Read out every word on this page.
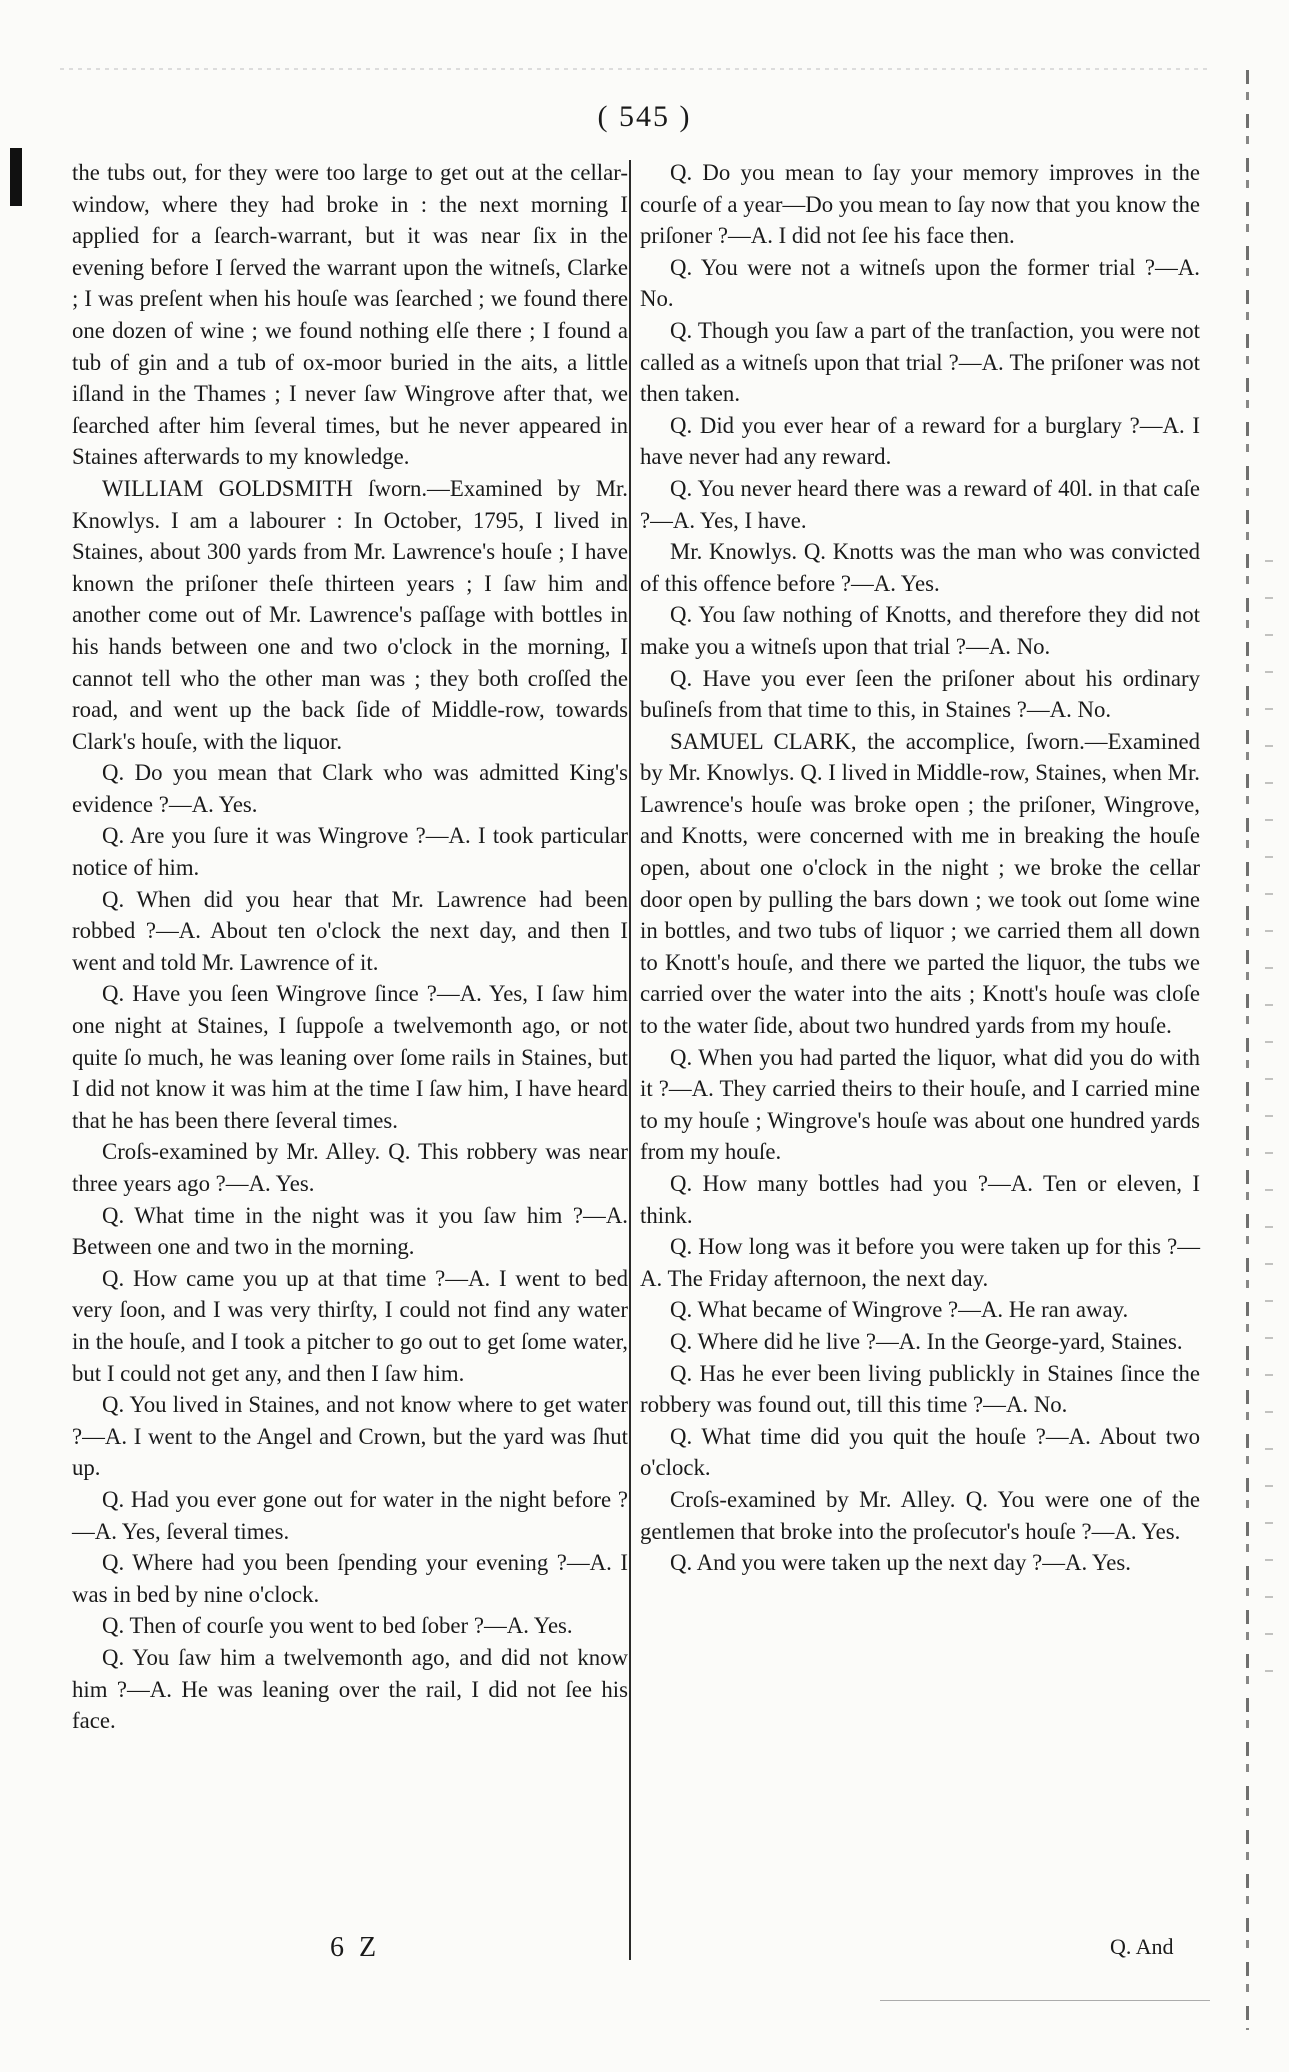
( 545 )

the tubs out, for they were too large to get out at the cellar-window, where they had broke in : the next morning I applied for a ſearch-warrant, but it was near ſix in the evening before I ſerved the warrant upon the witneſs, Clarke ; I was preſent when his houſe was ſearched ; we found there one dozen of wine ; we found nothing elſe there ; I found a tub of gin and a tub of ox-moor buried in the aits, a little iſland in the Thames ; I never ſaw Wingrove after that, we ſearched after him ſeveral times, but he never appeared in Staines afterwards to my knowledge.

WILLIAM GOLDSMITH ſworn.—Examined by Mr. Knowlys. I am a labourer : In October, 1795, I lived in Staines, about 300 yards from Mr. Lawrence's houſe ; I have known the priſoner theſe thirteen years ; I ſaw him and another come out of Mr. Lawrence's paſſage with bottles in his hands between one and two o'clock in the morning, I cannot tell who the other man was ; they both croſſed the road, and went up the back ſide of Middle-row, towards Clark's houſe, with the liquor.

Q. Do you mean that Clark who was admitted King's evidence ?—A. Yes.

Q. Are you ſure it was Wingrove ?—A. I took particular notice of him.

Q. When did you hear that Mr. Lawrence had been robbed ?—A. About ten o'clock the next day, and then I went and told Mr. Lawrence of it.

Q. Have you ſeen Wingrove ſince ?—A. Yes, I ſaw him one night at Staines, I ſuppoſe a twelvemonth ago, or not quite ſo much, he was leaning over ſome rails in Staines, but I did not know it was him at the time I ſaw him, I have heard that he has been there ſeveral times.

Croſs-examined by Mr. Alley. Q. This robbery was near three years ago ?—A. Yes.

Q. What time in the night was it you ſaw him ?—A. Between one and two in the morning.

Q. How came you up at that time ?—A. I went to bed very ſoon, and I was very thirſty, I could not find any water in the houſe, and I took a pitcher to go out to get ſome water, but I could not get any, and then I ſaw him.

Q. You lived in Staines, and not know where to get water ?—A. I went to the Angel and Crown, but the yard was ſhut up.

Q. Had you ever gone out for water in the night before ?—A. Yes, ſeveral times.

Q. Where had you been ſpending your evening ?—A. I was in bed by nine o'clock.

Q. Then of courſe you went to bed ſober ?—A. Yes.

Q. You ſaw him a twelvemonth ago, and did not know him ?—A. He was leaning over the rail, I did not ſee his face.

Q. Do you mean to ſay your memory improves in the courſe of a year—Do you mean to ſay now that you know the priſoner ?—A. I did not ſee his face then.

Q. You were not a witneſs upon the former trial ?—A. No.

Q. Though you ſaw a part of the tranſaction, you were not called as a witneſs upon that trial ?—A. The priſoner was not then taken.

Q. Did you ever hear of a reward for a burglary ?—A. I have never had any reward.

Q. You never heard there was a reward of 40l. in that caſe ?—A. Yes, I have.

Mr. Knowlys. Q. Knotts was the man who was convicted of this offence before ?—A. Yes.

Q. You ſaw nothing of Knotts, and therefore they did not make you a witneſs upon that trial ?—A. No.

Q. Have you ever ſeen the priſoner about his ordinary buſineſs from that time to this, in Staines ?—A. No.

SAMUEL CLARK, the accomplice, ſworn.—Examined by Mr. Knowlys. Q. I lived in Middle-row, Staines, when Mr. Lawrence's houſe was broke open ; the priſoner, Wingrove, and Knotts, were concerned with me in breaking the houſe open, about one o'clock in the night ; we broke the cellar door open by pulling the bars down ; we took out ſome wine in bottles, and two tubs of liquor ; we carried them all down to Knott's houſe, and there we parted the liquor, the tubs we carried over the water into the aits ; Knott's houſe was cloſe to the water ſide, about two hundred yards from my houſe.

Q. When you had parted the liquor, what did you do with it ?—A. They carried theirs to their houſe, and I carried mine to my houſe ; Wingrove's houſe was about one hundred yards from my houſe.

Q. How many bottles had you ?—A. Ten or eleven, I think.

Q. How long was it before you were taken up for this ?—A. The Friday afternoon, the next day.

Q. What became of Wingrove ?—A. He ran away.

Q. Where did he live ?—A. In the George-yard, Staines.

Q. Has he ever been living publickly in Staines ſince the robbery was found out, till this time ?—A. No.

Q. What time did you quit the houſe ?—A. About two o'clock.

Croſs-examined by Mr. Alley. Q. You were one of the gentlemen that broke into the proſecutor's houſe ?—A. Yes.

Q. And you were taken up the next day ?—A. Yes.

6 Z	Q. And
